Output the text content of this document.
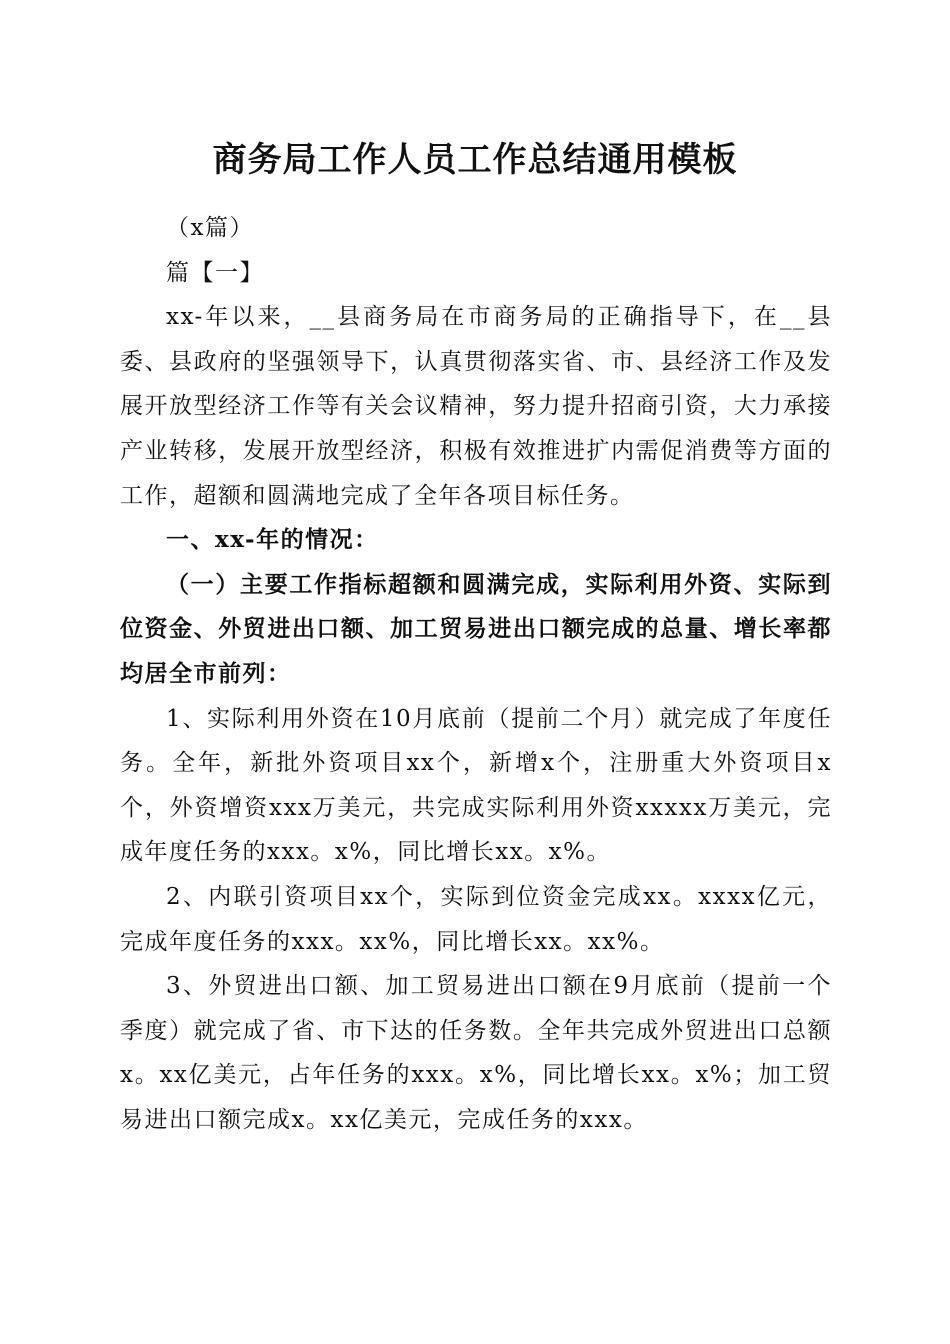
商务局工作人员工作总结通用模板

（x篇）

篇【一】

xx-年以来，__县商务局在市商务局的正确指导下，在__县委、县政府的坚强领导下，认真贯彻落实省、市、县经济工作及发展开放型经济工作等有关会议精神，努力提升招商引资，大力承接产业转移，发展开放型经济，积极有效推进扩内需促消费等方面的工作，超额和圆满地完成了全年各项目标任务。

一、xx-年的情况：

（一）主要工作指标超额和圆满完成，实际利用外资、实际到位资金、外贸进出口额、加工贸易进出口额完成的总量、增长率都均居全市前列：

1、实际利用外资在10月底前（提前二个月）就完成了年度任务。全年，新批外资项目xx个，新增x个，注册重大外资项目x个，外资增资xxx万美元，共完成实际利用外资xxxxx万美元，完成年度任务的xxx。x%，同比增长xx。x%。

2、内联引资项目xx个，实际到位资金完成xx。xxxx亿元，完成年度任务的xxx。xx%，同比增长xx。xx%。

3、外贸进出口额、加工贸易进出口额在9月底前（提前一个季度）就完成了省、市下达的任务数。全年共完成外贸进出口总额x。xx亿美元，占年任务的xxx。x%，同比增长xx。x%；加工贸易进出口额完成x。xx亿美元，完成任务的xxx。
